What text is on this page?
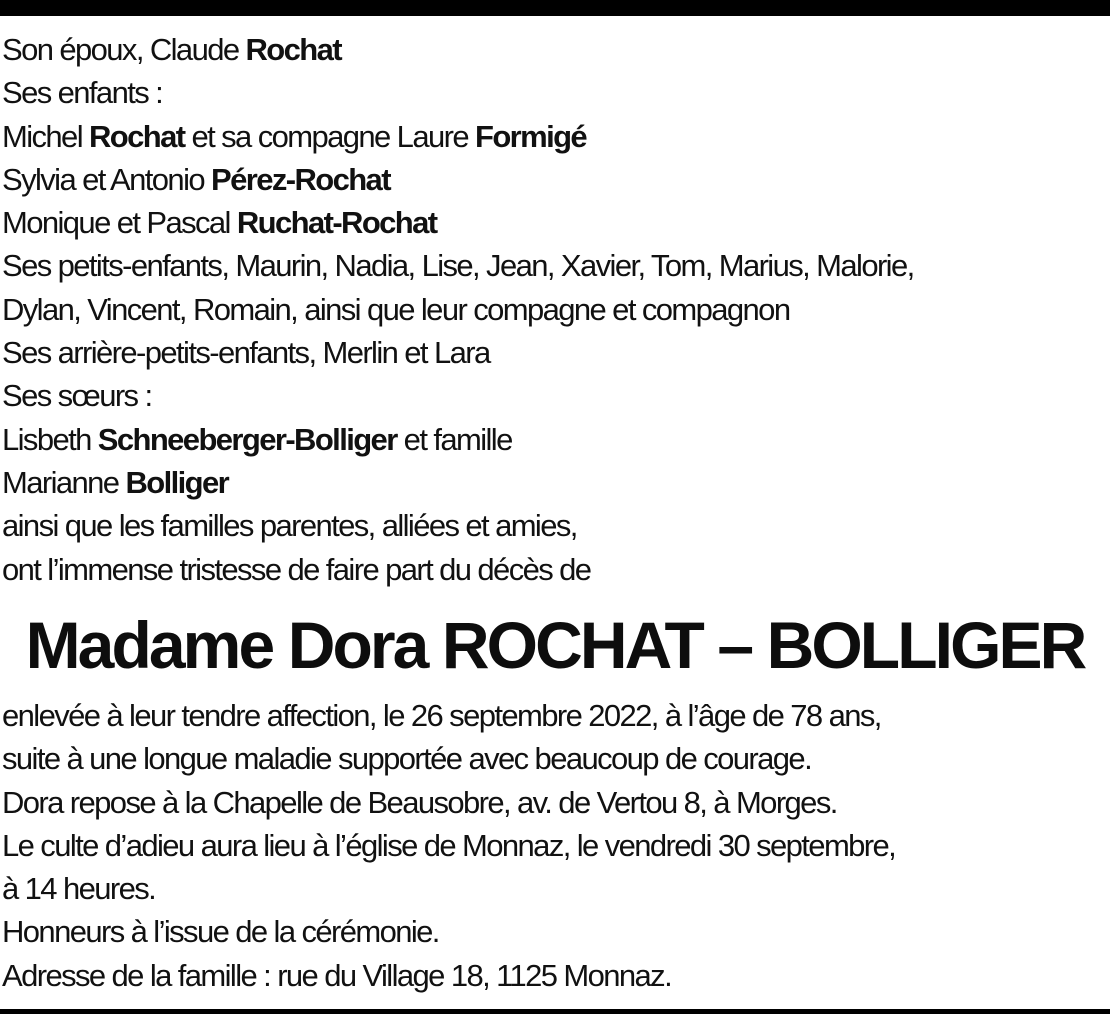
Son époux, Claude Rochat
Ses enfants :
Michel Rochat et sa compagne Laure Formigé
Sylvia et Antonio Pérez-Rochat
Monique et Pascal Ruchat-Rochat
Ses petits-enfants, Maurin, Nadia, Lise, Jean, Xavier, Tom, Marius, Malorie,
Dylan, Vincent, Romain, ainsi que leur compagne et compagnon
Ses arrière-petits-enfants, Merlin et Lara
Ses sœurs :
Lisbeth Schneeberger-Bolliger et famille
Marianne Bolliger
ainsi que les familles parentes, alliées et amies,
ont l’immense tristesse de faire part du décès de
Madame Dora ROCHAT – BOLLIGER
enlevée à leur tendre affection, le 26 septembre 2022, à l’âge de 78 ans,
suite à une longue maladie supportée avec beaucoup de courage.
Dora repose à la Chapelle de Beausobre, av. de Vertou 8, à Morges.
Le culte d’adieu aura lieu à l’église de Monnaz, le vendredi 30 septembre,
à 14 heures.
Honneurs à l’issue de la cérémonie.
Adresse de la famille : rue du Village 18, 1125 Monnaz.
